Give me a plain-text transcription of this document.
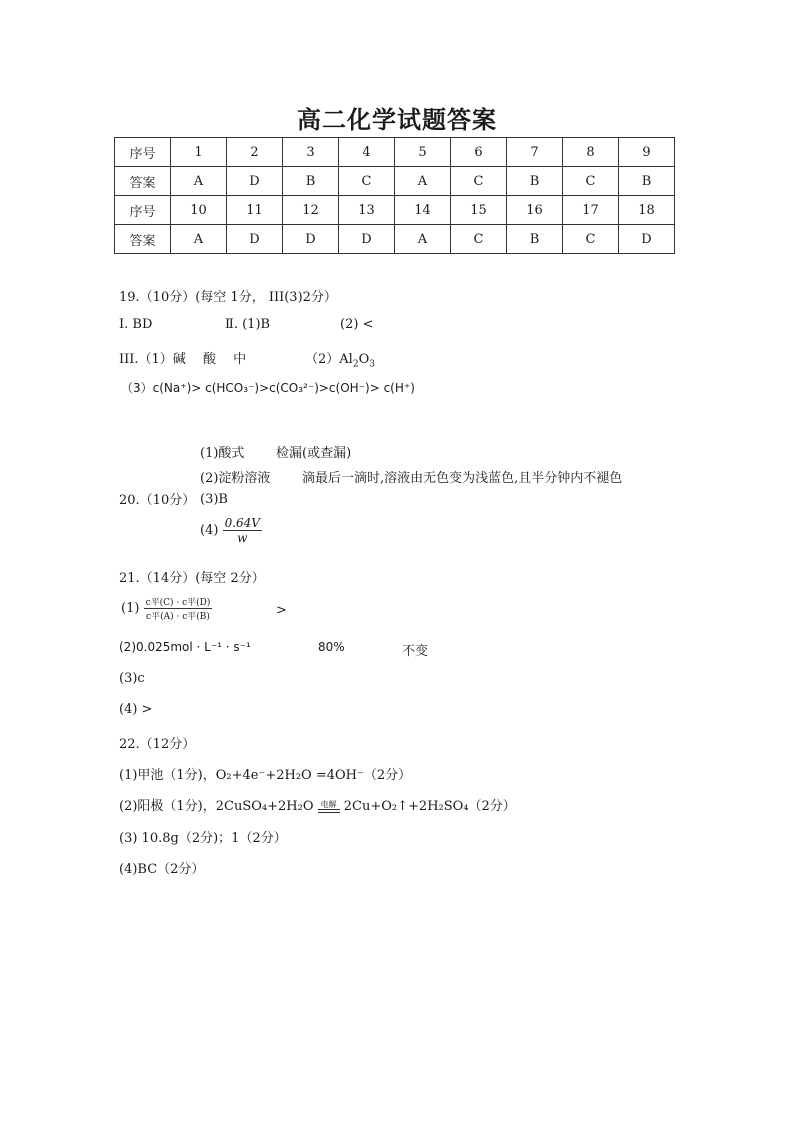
高二化学试题答案
序号	1	2	3	4	5	6	7	8	9
答案	A	D	B	C	A	C	B	C	B
序号	10	11	12	13	14	15	16	17	18
答案	A	D	D	D	A	C	B	C	D
19.（10分）(每空 1分， III(3)2分）
Ⅰ. BD	Ⅱ. (1)B	(2) <
III.（1）碱　 酸　 中	$(2)Al_2O_3$
（3）c(Na⁺)> c(HCO₃⁻)>c(CO₃²⁻)>c(OH⁻)> c(H⁺)
20.（10分）
(1)酸式 检漏(或查漏)
(2)淀粉溶液 滴最后一滴时,溶液由无色变为浅蓝色,且半分钟内不褪色
(3)B
$(4) \frac{0.64V}{w}$
21.（14分）(每空 2分）
$(1) \frac{\text{c平(C) · c平(D)}}{\text{c平(A) · c平(B)}}$	>
(2)0.025mol · L⁻¹ · s⁻¹	80%	不变
(3)c
(4) >
22.（12分）
(1)甲池（1分)，O₂+4e⁻+2H₂O =4OH⁻（2分）
(2)阳极（1分)，2CuSO₄+2H₂O 电解 2Cu+O₂↑+2H₂SO₄（2分）
(3) 10.8g（2分)；1（2分）
(4)BC（2分）
